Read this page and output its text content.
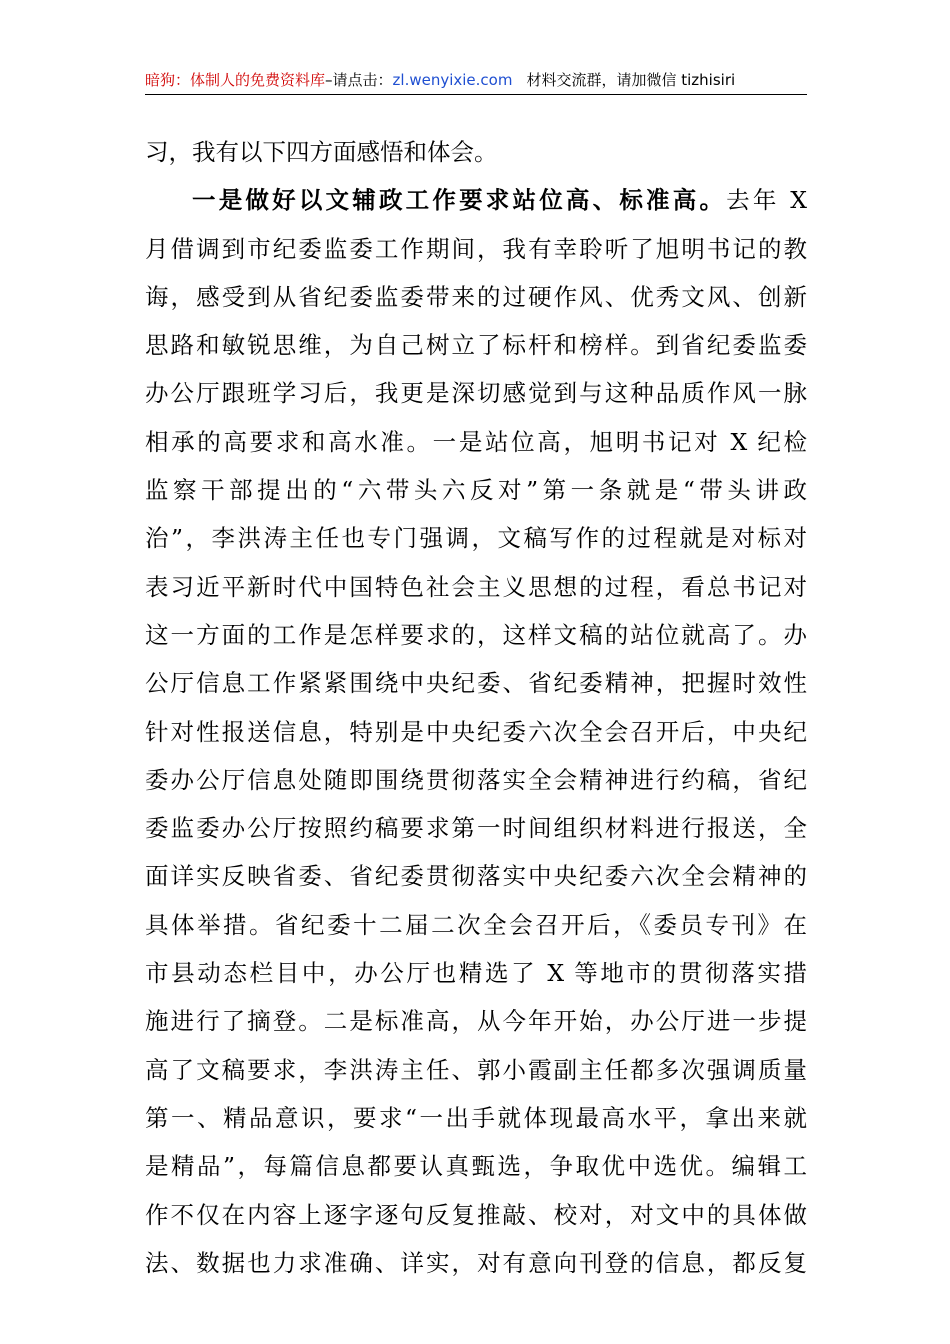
暗狗：体制人的免费资料库–请点击：zl.wenyixie.com 材料交流群，请加微信 tizhisiri
习，我有以下四方面感悟和体会。
一是做好以文辅政工作要求站位高、标准高。去年 X
月借调到市纪委监委工作期间，我有幸聆听了旭明书记的教
诲，感受到从省纪委监委带来的过硬作风、优秀文风、创新
思路和敏锐思维，为自己树立了标杆和榜样。到省纪委监委
办公厅跟班学习后，我更是深切感觉到与这种品质作风一脉
相承的高要求和高水准。一是站位高，旭明书记对 X 纪检
监察干部提出的“六带头六反对”第一条就是“带头讲政
治”，李洪涛主任也专门强调，文稿写作的过程就是对标对
表习近平新时代中国特色社会主义思想的过程，看总书记对
这一方面的工作是怎样要求的，这样文稿的站位就高了。办
公厅信息工作紧紧围绕中央纪委、省纪委精神，把握时效性
针对性报送信息，特别是中央纪委六次全会召开后，中央纪
委办公厅信息处随即围绕贯彻落实全会精神进行约稿，省纪
委监委办公厅按照约稿要求第一时间组织材料进行报送，全
面详实反映省委、省纪委贯彻落实中央纪委六次全会精神的
具体举措。省纪委十二届二次全会召开后，《委员专刊》在
市县动态栏目中，办公厅也精选了 X 等地市的贯彻落实措
施进行了摘登。二是标准高，从今年开始，办公厅进一步提
高了文稿要求，李洪涛主任、郭小霞副主任都多次强调质量
第一、精品意识，要求“一出手就体现最高水平，拿出来就
是精品”，每篇信息都要认真甄选，争取优中选优。编辑工
作不仅在内容上逐字逐句反复推敲、校对，对文中的具体做
法、数据也力求准确、详实，对有意向刊登的信息，都反复
